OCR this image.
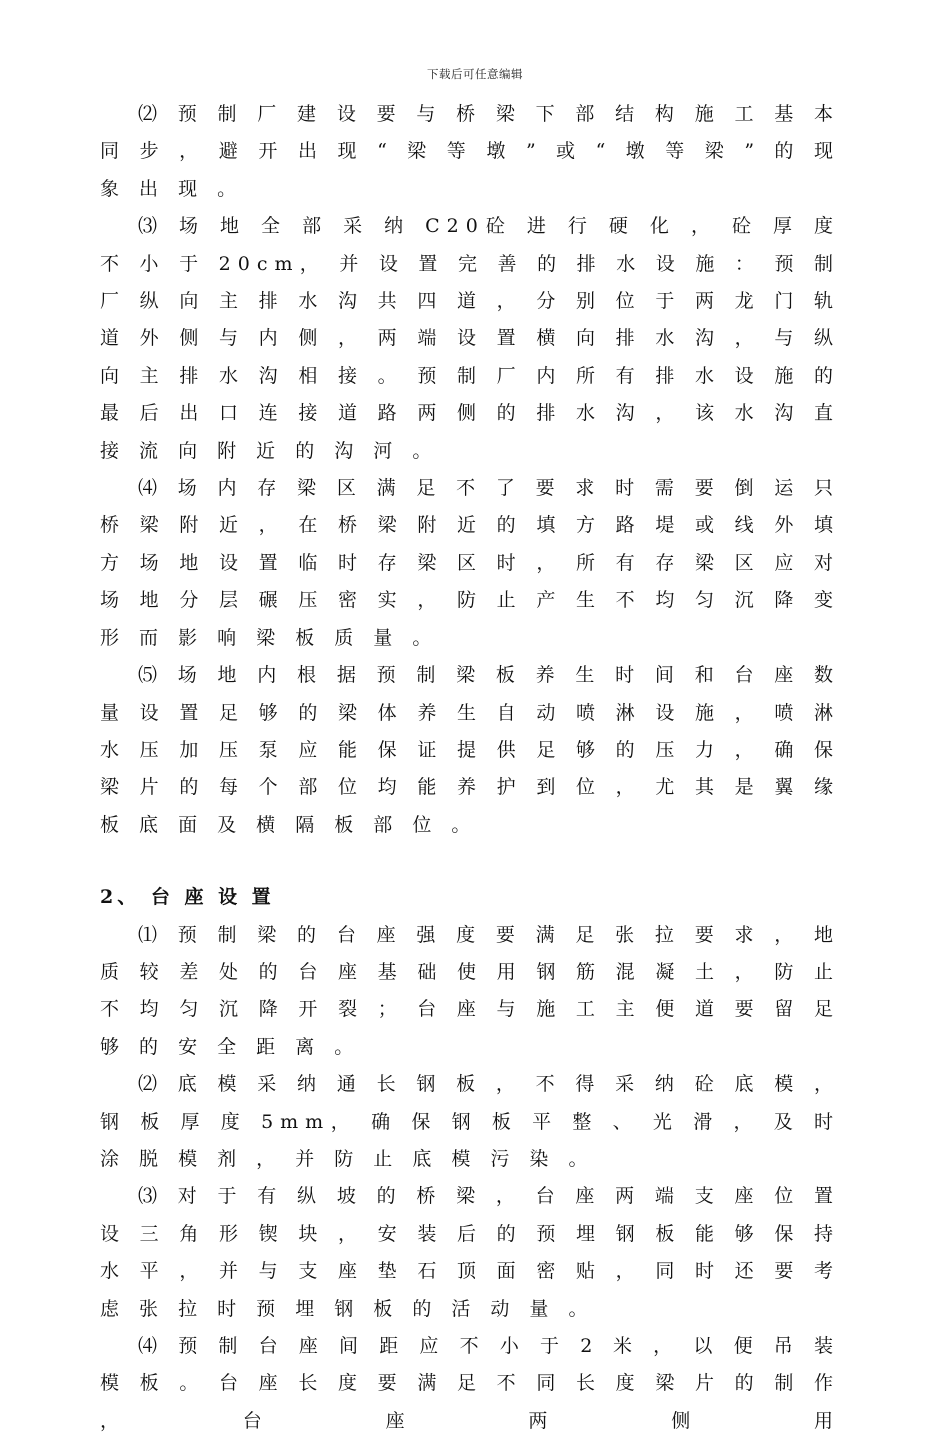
下载后可任意编辑

⑵ 预 制 厂 建 设 要 与 桥 梁 下 部 结 构 施 工 基 本 同 步 ， 避 开 出 现 “ 梁 等 墩 ” 或 “ 墩 等 梁 ” 的 现 象 出 现 。

⑶ 场 地 全 部 采 纳 C20砼 进 行 硬 化 ， 砼 厚 度 不 小 于 20cm， 并 设 置 完 善 的 排 水 设 施 ： 预 制 厂 纵 向 主 排 水 沟 共 四 道 ， 分 别 位 于 两 龙 门 轨 道 外 侧 与 内 侧 ， 两 端 设 置 横 向 排 水 沟 ， 与 纵 向 主 排 水 沟 相 接 。 预 制 厂 内 所 有 排 水 设 施 的 最 后 出 口 连 接 道 路 两 侧 的 排 水 沟 ， 该 水 沟 直 接 流 向 附 近 的 沟 河 。

⑷ 场 内 存 梁 区 满 足 不 了 要 求 时 需 要 倒 运 只 桥 梁 附 近 ， 在 桥 梁 附 近 的 填 方 路 堤 或 线 外 填 方 场 地 设 置 临 时 存 梁 区 时 ， 所 有 存 梁 区 应 对 场 地 分 层 碾 压 密 实 ， 防 止 产 生 不 均 匀 沉 降 变 形 而 影 响 梁 板 质 量 。

⑸ 场 地 内 根 据 预 制 梁 板 养 生 时 间 和 台 座 数 量 设 置 足 够 的 梁 体 养 生 自 动 喷 淋 设 施 ， 喷 淋 水 压 加 压 泵 应 能 保 证 提 供 足 够 的 压 力 ， 确 保 梁 片 的 每 个 部 位 均 能 养 护 到 位 ， 尤 其 是 翼 缘 板 底 面 及 横 隔 板 部 位 。

2、 台 座 设 置

⑴ 预 制 梁 的 台 座 强 度 要 满 足 张 拉 要 求 ， 地 质 较 差 处 的 台 座 基 础 使 用 钢 筋 混 凝 土 ， 防 止 不 均 匀 沉 降 开 裂 ； 台 座 与 施 工 主 便 道 要 留 足 够 的 安 全 距 离 。

⑵ 底 模 采 纳 通 长 钢 板 ， 不 得 采 纳 砼 底 模 ， 钢 板 厚 度 5mm， 确 保 钢 板 平 整 、 光 滑 ， 及 时 涂 脱 模 剂 ， 并 防 止 底 模 污 染 。

⑶ 对 于 有 纵 坡 的 桥 梁 ， 台 座 两 端 支 座 位 置 设 三 角 形 锲 块 ， 安 装 后 的 预 埋 钢 板 能 够 保 持 水 平 ， 并 与 支 座 垫 石 顶 面 密 贴 ， 同 时 还 要 考 虑 张 拉 时 预 埋 钢 板 的 活 动 量 。

⑷ 预 制 台 座 间 距 应 不 小 于 2 米 ， 以 便 吊 装 模 板 。 台 座 长 度 要 满 足 不 同 长 度 梁 片 的 制 作 ， 台 座 两 侧 用
